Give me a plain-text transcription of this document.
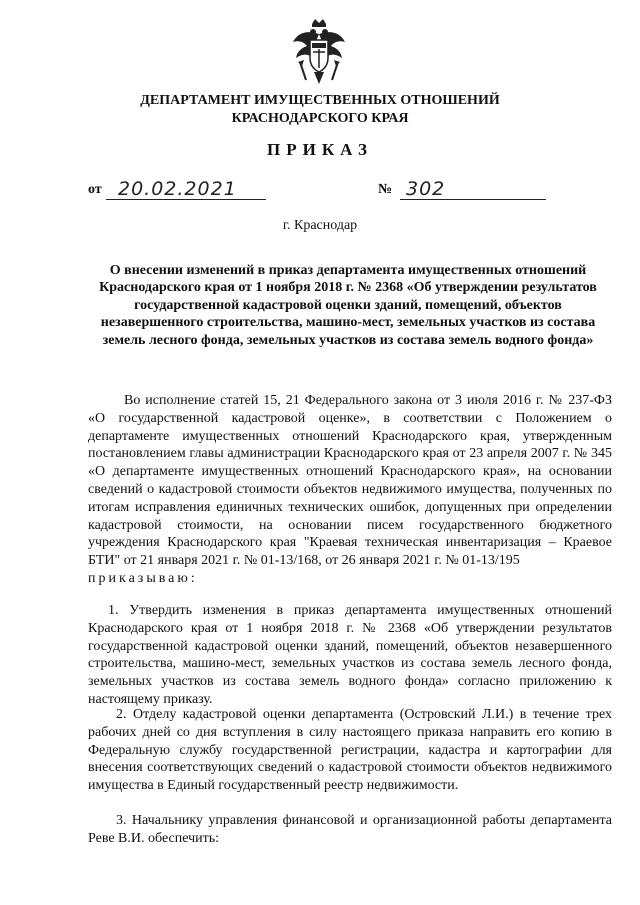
ДЕПАРТАМЕНТ ИМУЩЕСТВЕННЫХ ОТНОШЕНИЙ
КРАСНОДАРСКОГО КРАЯ
ПРИКАЗ
от 20.02.2021	№ 302
г. Краснодар
О внесении изменений в приказ департамента имущественных отношений Краснодарского края от 1 ноября 2018 г. № 2368 «Об утверждении результатов государственной кадастровой оценки зданий, помещений, объектов незавершенного строительства, машино-мест, земельных участков из состава земель лесного фонда, земельных участков из состава земель водного фонда»

Во исполнение статей 15, 21 Федерального закона от 3 июля 2016 г. № 237-ФЗ «О государственной кадастровой оценке», в соответствии с Положением о департаменте имущественных отношений Краснодарского края, утвержденным постановлением главы администрации Краснодарского края от 23 апреля 2007 г. № 345 «О департаменте имущественных отношений Краснодарского края», на основании сведений о кадастровой стоимости объектов недвижимого имущества, полученных по итогам исправления единичных технических ошибок, допущенных при определении кадастровой стоимости, на основании писем государственного бюджетного учреждения Краснодарского края "Краевая техническая инвентаризация – Краевое БТИ" от 21 января 2021 г. № 01-13/168, от 26 января 2021 г. № 01-13/195

приказываю:

1. Утвердить изменения в приказ департамента имущественных отношений Краснодарского края от 1 ноября 2018 г. № 2368 «Об утверждении результатов государственной кадастровой оценки зданий, помещений, объектов незавершенного строительства, машино-мест, земельных участков из состава земель лесного фонда, земельных участков из состава земель водного фонда» согласно приложению к настоящему приказу.

2. Отделу кадастровой оценки департамента (Островский Л.И.) в течение трех рабочих дней со дня вступления в силу настоящего приказа направить его копию в Федеральную службу государственной регистрации, кадастра и картографии для внесения соответствующих сведений о кадастровой стоимости объектов недвижимого имущества в Единый государственный реестр недвижимости.

3. Начальнику управления финансовой и организационной работы департамента Реве В.И. обеспечить:
